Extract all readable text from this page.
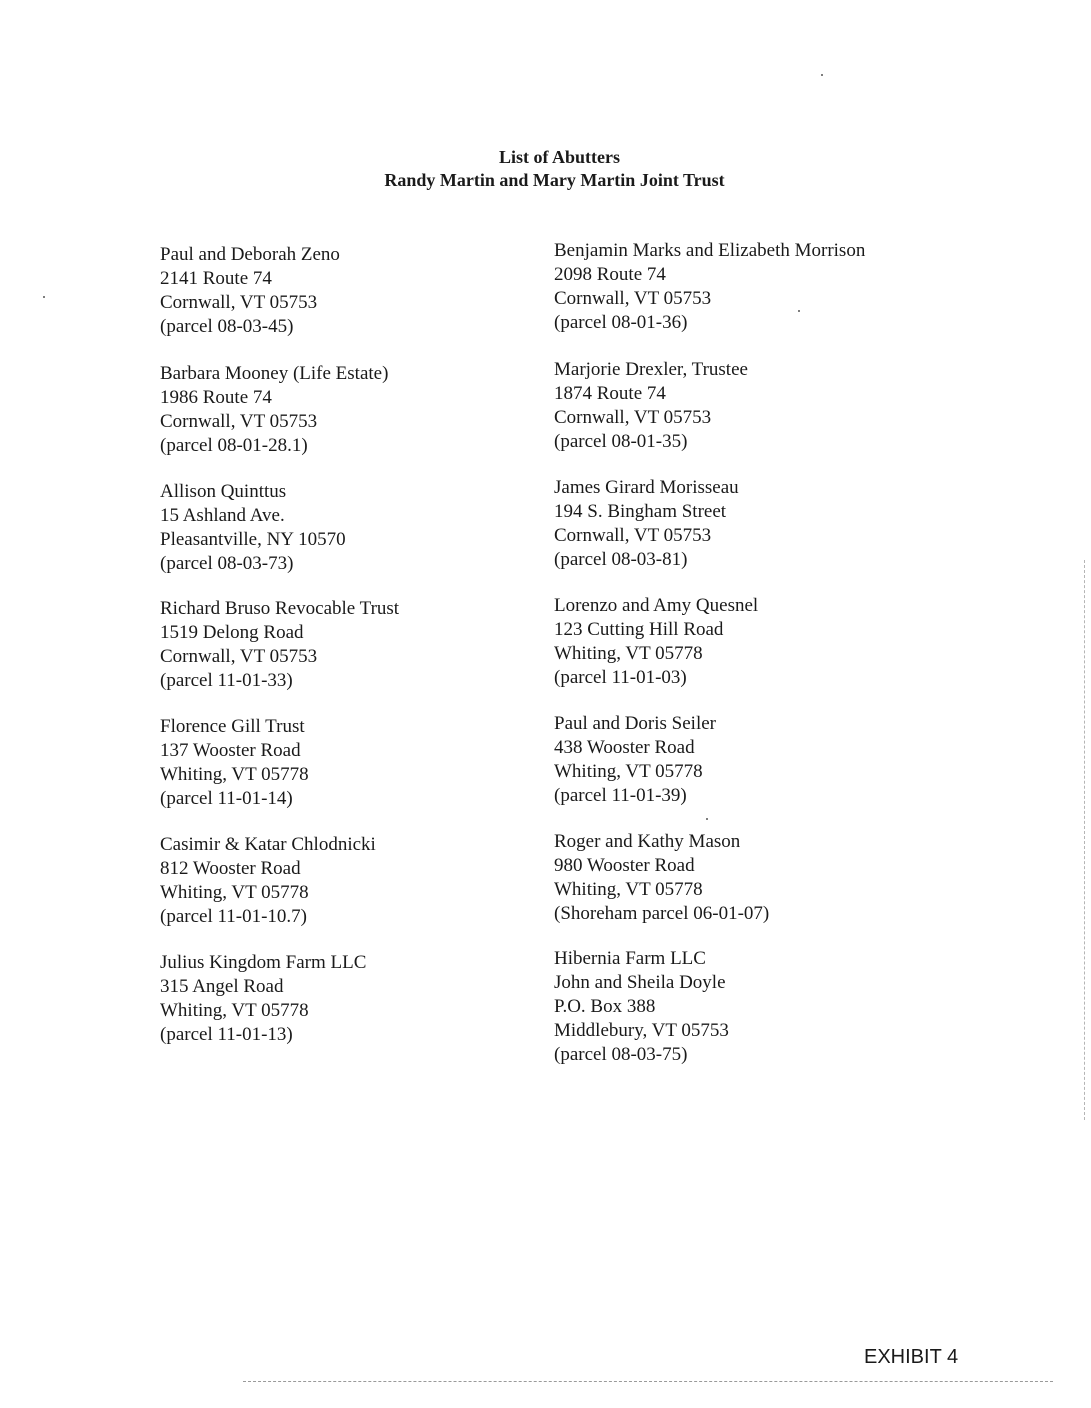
List of Abutters
Randy Martin and Mary Martin Joint Trust
Paul and Deborah Zeno
2141 Route 74
Cornwall, VT 05753
(parcel 08-03-45)
Barbara Mooney (Life Estate)
1986 Route 74
Cornwall, VT 05753
(parcel 08-01-28.1)
Allison Quinttus
15 Ashland Ave.
Pleasantville, NY 10570
(parcel 08-03-73)
Richard Bruso Revocable Trust
1519 Delong Road
Cornwall, VT 05753
(parcel 11-01-33)
Florence Gill Trust
137 Wooster Road
Whiting, VT 05778
(parcel 11-01-14)
Casimir & Katar Chlodnicki
812 Wooster Road
Whiting, VT 05778
(parcel 11-01-10.7)
Julius Kingdom Farm LLC
315 Angel Road
Whiting, VT 05778
(parcel 11-01-13)
Benjamin Marks and Elizabeth Morrison
2098 Route 74
Cornwall, VT 05753
(parcel 08-01-36)
Marjorie Drexler, Trustee
1874 Route 74
Cornwall, VT 05753
(parcel 08-01-35)
James Girard Morisseau
194 S. Bingham Street
Cornwall, VT 05753
(parcel 08-03-81)
Lorenzo and Amy Quesnel
123 Cutting Hill Road
Whiting, VT 05778
(parcel 11-01-03)
Paul and Doris Seiler
438 Wooster Road
Whiting, VT 05778
(parcel 11-01-39)
Roger and Kathy Mason
980 Wooster Road
Whiting, VT 05778
(Shoreham parcel 06-01-07)
Hibernia Farm LLC
John and Sheila Doyle
P.O. Box 388
Middlebury, VT 05753
(parcel 08-03-75)
EXHIBIT 4
